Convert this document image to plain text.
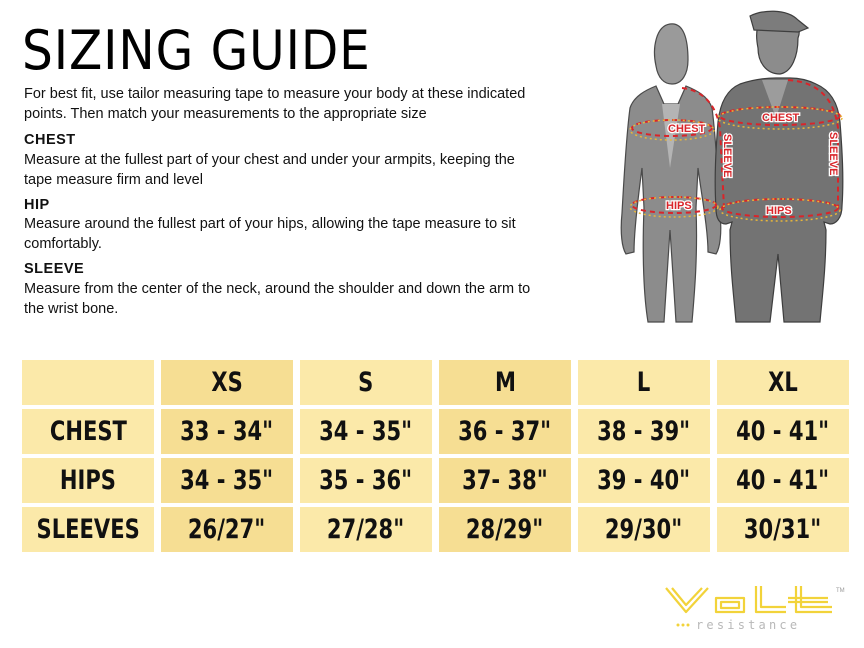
SIZING GUIDE

For best fit, use tailor measuring tape to measure your body at these indicated points. Then match your measurements to the appropriate size

CHEST

Measure at the fullest part of your chest and under your armpits, keeping the tape measure firm and level

HIP

Measure around the fullest part of your hips, allowing the tape measure to sit comfortably.

SLEEVE

Measure from the center of the neck, around the shoulder and down the arm to the wrist bone.

CHEST
CHEST
HIPS	HIPS
SLEEVE	SLEEVE
XS	S	M	L	XL
CHEST 33 - 34" 34 - 35" 36 - 37" 38 - 39" 40 - 41"
HIPS 34 - 35" 35 - 36" 37- 38" 39 - 40" 40 - 41"
SLEEVES 26/27" 27/28" 28/29" 29/30" 30/31"
TM
resistance
